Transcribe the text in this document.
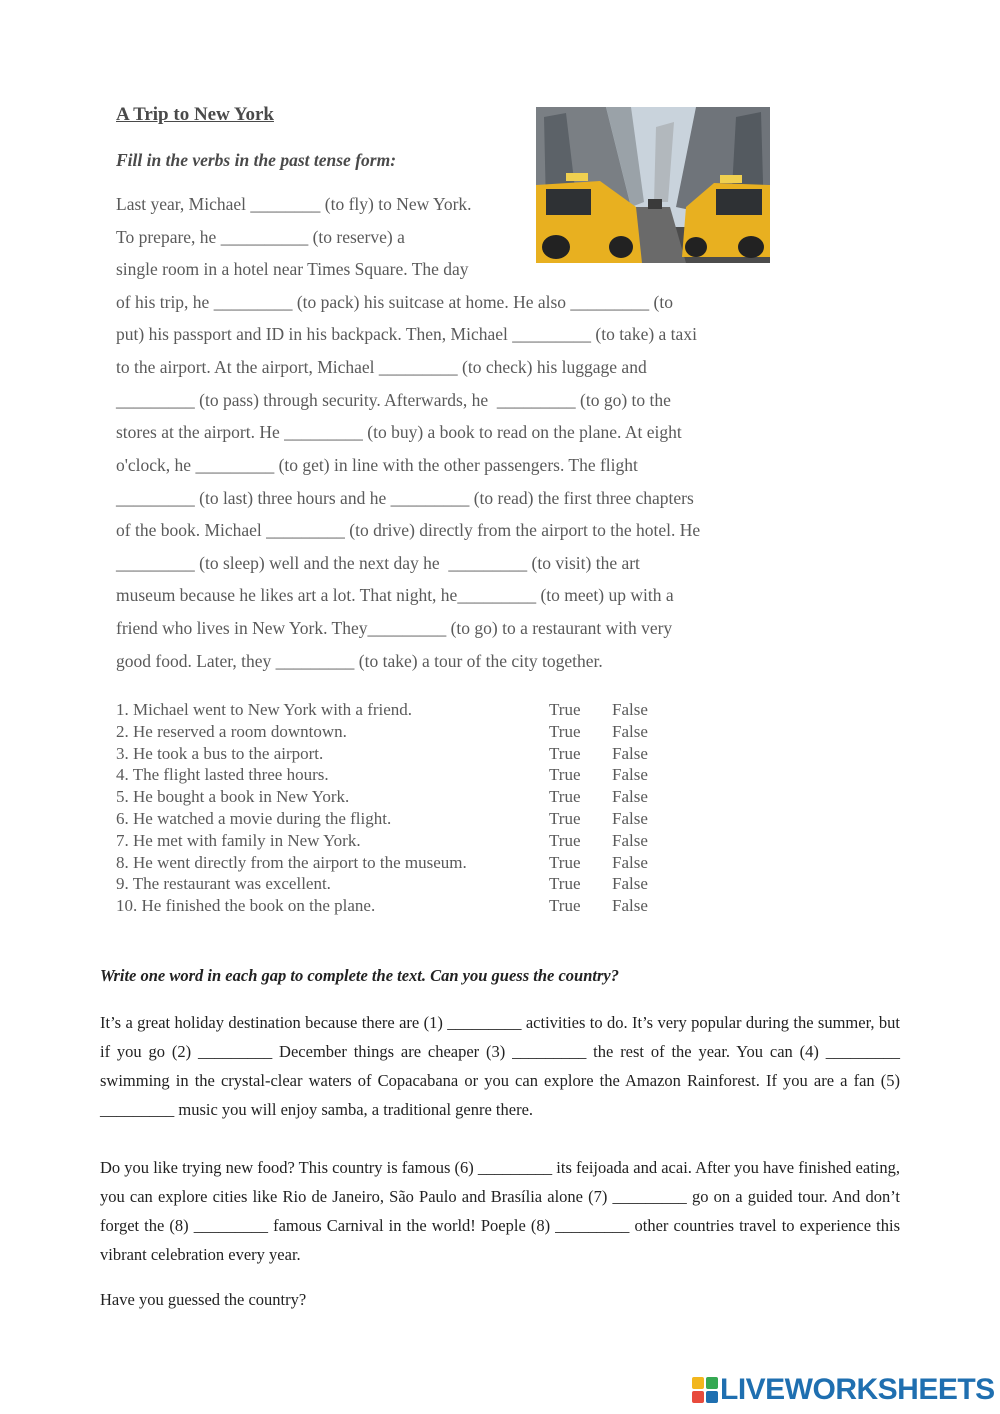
A Trip to New York
Fill in the verbs in the past tense form:
Last year, Michael ________ (to fly) to New York.
To prepare, he __________ (to reserve) a
single room in a hotel near Times Square. The day
of his trip, he _________ (to pack) his suitcase at home. He also _________ (to
put) his passport and ID in his backpack. Then, Michael _________ (to take) a taxi
to the airport. At the airport, Michael _________ (to check) his luggage and
_________ (to pass) through security. Afterwards, he  _________ (to go) to the
stores at the airport. He _________ (to buy) a book to read on the plane. At eight
o'clock, he _________ (to get) in line with the other passengers. The flight
_________ (to last) three hours and he _________ (to read) the first three chapters
of the book. Michael _________ (to drive) directly from the airport to the hotel. He
_________ (to sleep) well and the next day he  _________ (to visit) the art
museum because he likes art a lot. That night, he_________ (to meet) up with a
friend who lives in New York. They_________ (to go) to a restaurant with very
good food. Later, they _________ (to take) a tour of the city together.
1. Michael went to New York with a friend.	True False
2. He reserved a room downtown.	True False
3. He took a bus to the airport.	True False
4. The flight lasted three hours.	True False
5. He bought a book in New York.	True False
6. He watched a movie during the flight.	True False
7. He met with family in New York.	True False
8. He went directly from the airport to the museum.	True False
9. The restaurant was excellent.	True False
10. He finished the book on the plane.	True False
Write one word in each gap to complete the text. Can you guess the country?

It’s a great holiday destination because there are (1) _________ activities to do. It’s very popular during the summer, but if you go (2) _________ December things are cheaper (3) _________ the rest of the year. You can (4) _________ swimming in the crystal-clear waters of Copacabana or you can explore the Amazon Rainforest. If you are a fan (5) _________ music you will enjoy samba, a traditional genre there.

Do you like trying new food? This country is famous (6) _________ its feijoada and acai. After you have finished eating, you can explore cities like Rio de Janeiro, São Paulo and Brasília alone (7) _________ go on a guided tour. And don’t forget the (8) _________ famous Carnival in the world! Poeple (8) _________ other countries travel to experience this vibrant celebration every year.

Have you guessed the country?
LIVEWORKSHEETS
